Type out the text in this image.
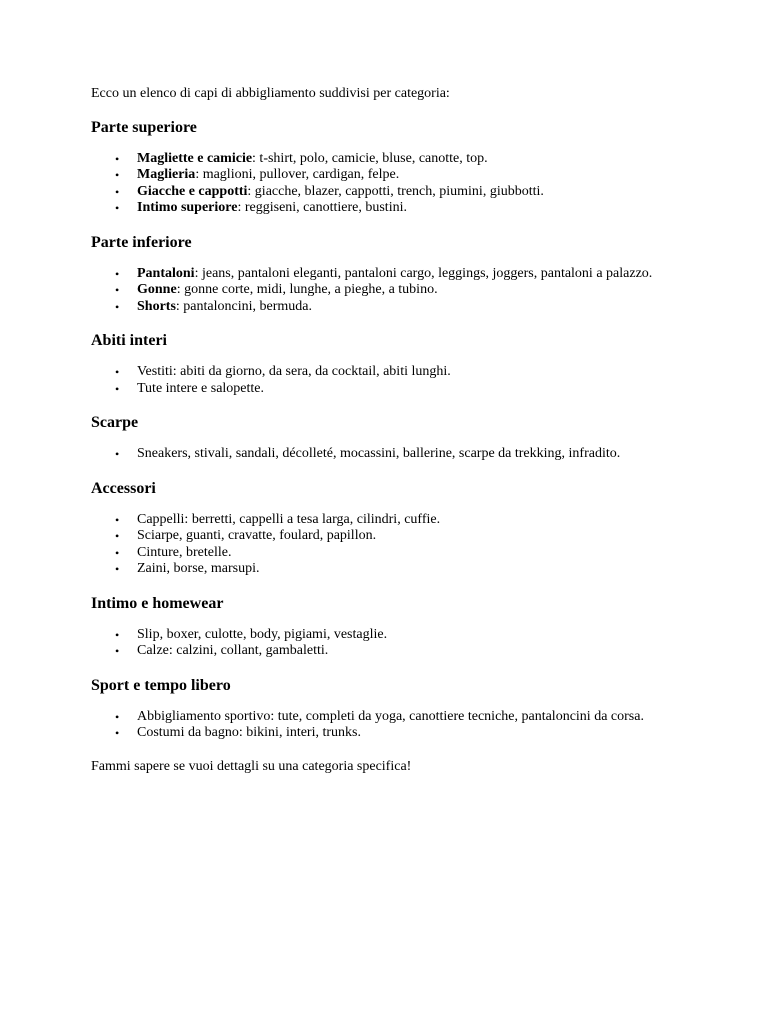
Ecco un elenco di capi di abbigliamento suddivisi per categoria:

Parte superiore
• Magliette e camicie: t-shirt, polo, camicie, bluse, canotte, top.
• Maglieria: maglioni, pullover, cardigan, felpe.
• Giacche e cappotti: giacche, blazer, cappotti, trench, piumini, giubbotti.
• Intimo superiore: reggiseni, canottiere, bustini.
Parte inferiore
• Pantaloni: jeans, pantaloni eleganti, pantaloni cargo, leggings, joggers, pantaloni a palazzo.
• Gonne: gonne corte, midi, lunghe, a pieghe, a tubino.
• Shorts: pantaloncini, bermuda.
Abiti interi
• Vestiti: abiti da giorno, da sera, da cocktail, abiti lunghi.
• Tute intere e salopette.
Scarpe
• Sneakers, stivali, sandali, décolleté, mocassini, ballerine, scarpe da trekking, infradito.
Accessori
• Cappelli: berretti, cappelli a tesa larga, cilindri, cuffie.
• Sciarpe, guanti, cravatte, foulard, papillon.
• Cinture, bretelle.
• Zaini, borse, marsupi.
Intimo e homewear
• Slip, boxer, culotte, body, pigiami, vestaglie.
• Calze: calzini, collant, gambaletti.
Sport e tempo libero
• Abbigliamento sportivo: tute, completi da yoga, canottiere tecniche, pantaloncini da corsa.
• Costumi da bagno: bikini, interi, trunks.

Fammi sapere se vuoi dettagli su una categoria specifica!
